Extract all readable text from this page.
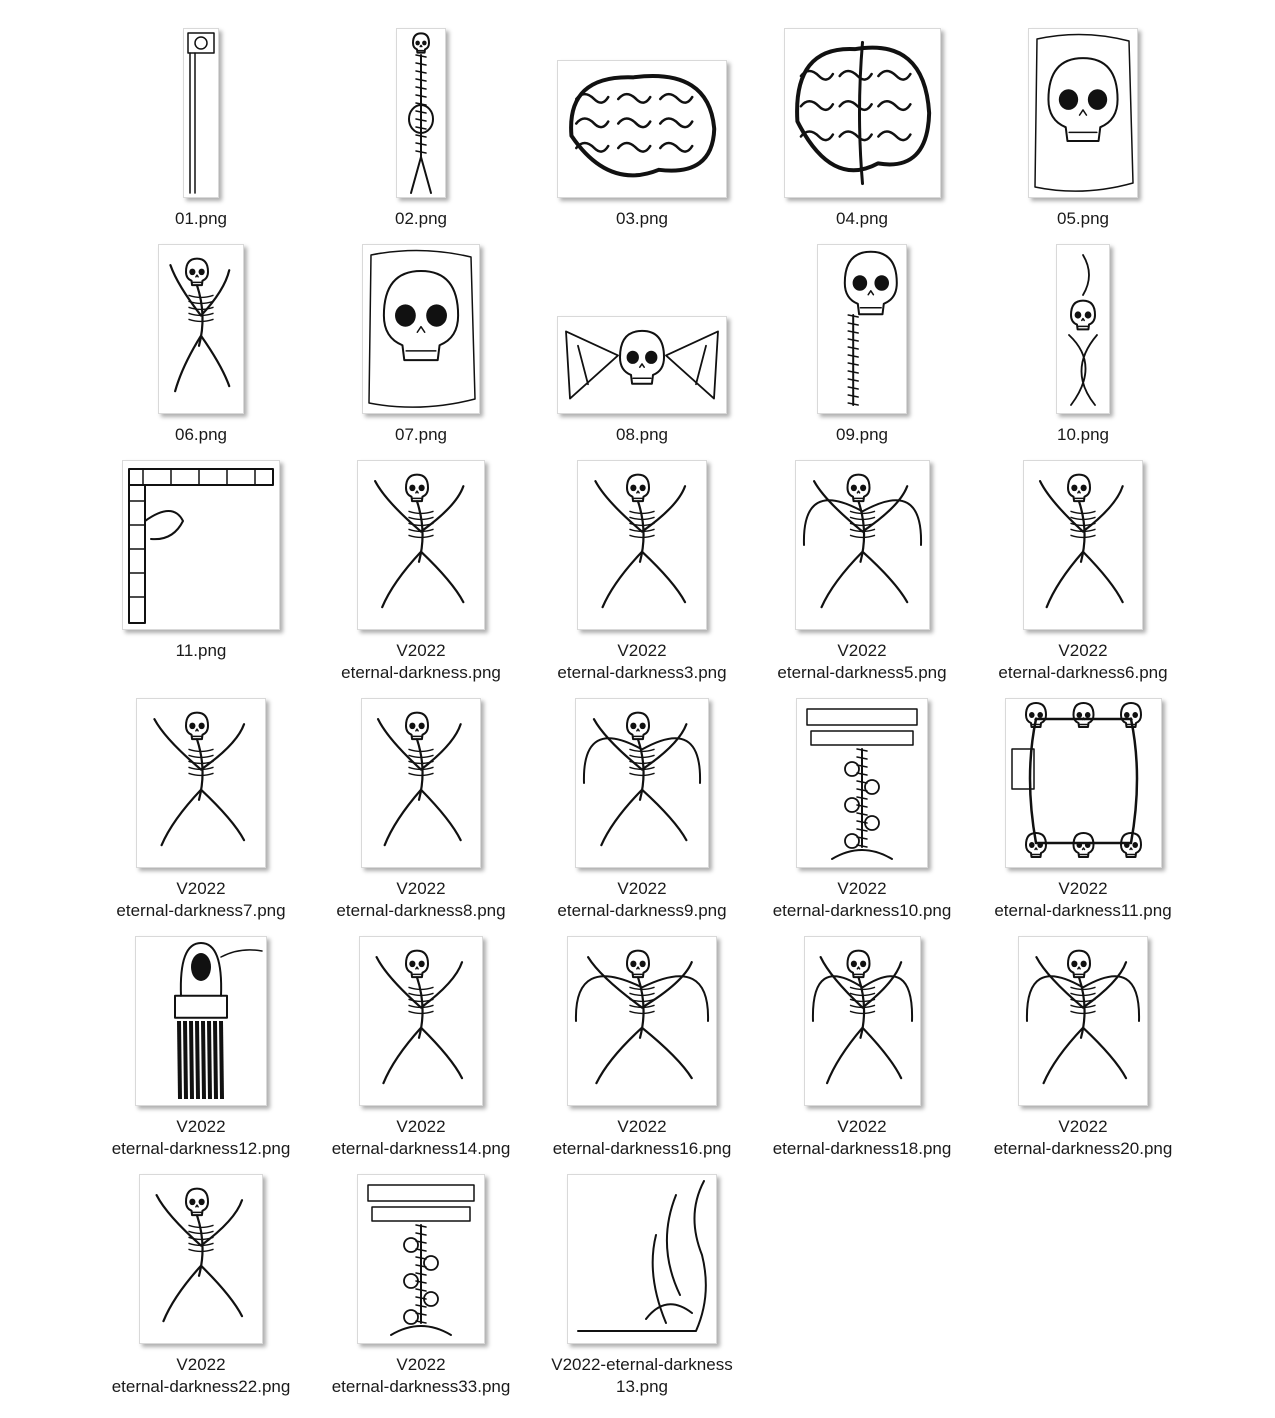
01.png	02.png	03.png	04.png	05.png
06.png	07.png	08.png	09.png	10.png
11.png	V2022
eternal-darkness.png
V2022
eternal-darkness3.png
V2022
eternal-darkness5.png
V2022
eternal-darkness6.png
V2022
eternal-darkness7.png
V2022
eternal-darkness8.png
V2022
eternal-darkness9.png
V2022
eternal-darkness10.png
V2022
eternal-darkness11.png
V2022
eternal-darkness12.png
V2022
eternal-darkness14.png
V2022
eternal-darkness16.png
V2022
eternal-darkness18.png
V2022
eternal-darkness20.png
V2022
eternal-darkness22.png
V2022
eternal-darkness33.png
V2022-eternal-darkness
13.png
